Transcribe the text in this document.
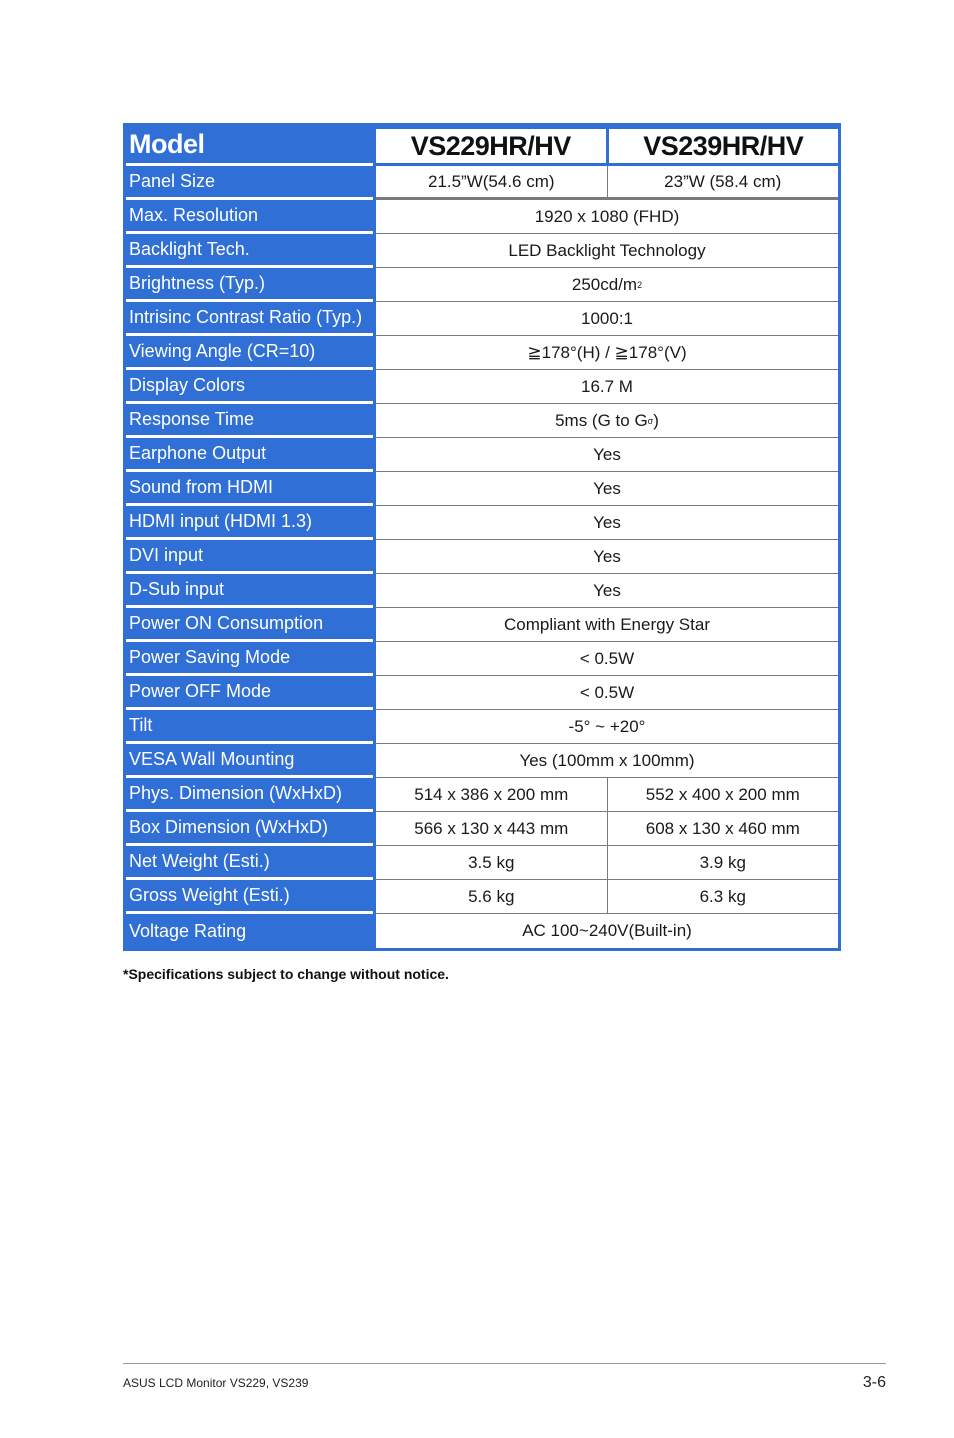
Model	VS229HR/HV	VS239HR/HV
Panel Size	21.5”W(54.6 cm)	23”W (58.4 cm)
Max. Resolution	1920 x 1080 (FHD)
Backlight Tech.	LED Backlight Technology
Brightness (Typ.)	250cd/m 2
Intrisinc Contrast Ratio (Typ.)	1000:1
Viewing Angle (CR=10)	≧178°(H) / ≧178°(V)
Display Colors	16.7 M
Response Time	5ms (G to G σ )
Earphone Output	Yes
Sound from HDMI	Yes
HDMI input (HDMI 1.3)	Yes
DVI input	Yes
D-Sub input	Yes
Power ON Consumption	Compliant with Energy Star
Power Saving Mode	< 0.5W
Power OFF Mode	< 0.5W
Tilt	-5° ~ +20°
VESA Wall Mounting	Yes (100mm x 100mm)
Phys. Dimension (WxHxD)	514 x 386 x 200 mm	552 x 400 x 200 mm
Box Dimension (WxHxD)	566 x 130 x 443 mm	608 x 130 x 460 mm
Net Weight (Esti.)	3.5 kg	3.9 kg
Gross Weight (Esti.)	5.6 kg	6.3 kg
Voltage Rating	AC 100~240V(Built-in)
*Specifications subject to change without notice.
ASUS LCD Monitor VS229, VS239	3-6
